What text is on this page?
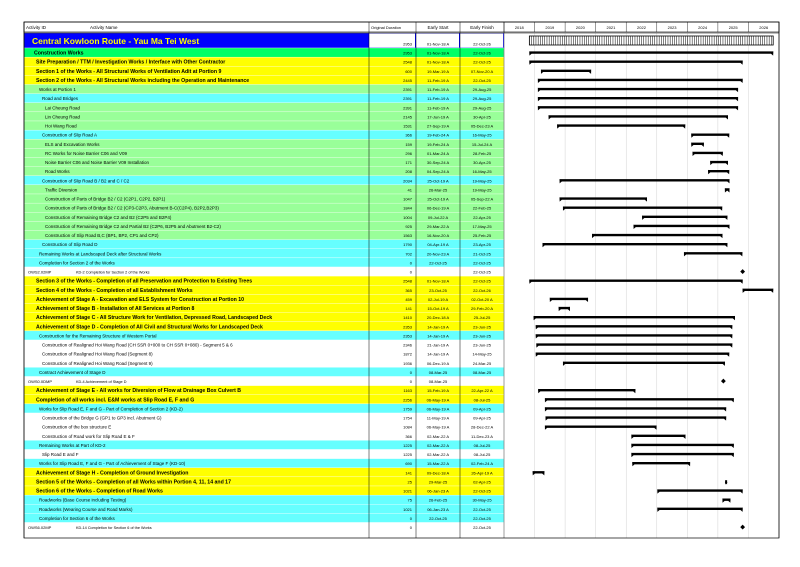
Activity ID	Activity Name	Original Duration	Early Start	Early Finish	2018	2019	2020	2021	2022	2023	2024	2025	2026
Central Kowloon Route - Yau Ma Tei West	2953	01-Nov-18 A	22-Oct-26
Construction Works	2953	01-Nov-18 A	22-Oct-26
Site Preparation / TTM / Investigation Works / Interface with Other Contractor	2548	01-Nov-18 A	22-Oct-25
Section 1 of the Works - All Structural Works of Ventilation Adit at Portion 9	600	19-Mar-19 A	07-Nov-20 A
Section 2 of the Works - All Structural Works including the Operation and Maintenance	2445	11-Feb-19 A	22-Oct-25
Works at Portion 1	2391	11-Feb-19 A	29-Aug-25
Road and Bridges	2391	11-Feb-19 A	29-Aug-25
Lai Cheung Road	2391	11-Feb-19 A	29-Aug-25
Lin Cheung Road	2145	17-Jun-19 A	30-Apr-25
Hoi Wang Road	1531	27-Sep-19 A	05-Dec-23 A
Construction of Slip Road A	366	19-Feb-24 A	16-May-25
ELS and Excavation Works	159	19-Feb-24 A	15-Jul-24 A
RC Works for Noise Barrier C06 and V09	296	01-Mar-24 A	28-Feb-25
Noise Barrier C06 and Noise Barrier V09 Installation	171	30-Sep-24 A	30-Apr-25
Road Works	208	04-Sep-24 A	16-May-25
Construction of Slip Road B / B2 and C / C2	2034	25-Oct-19 A	19-May-25
Traffic Diversion	41	26-Mar-25	19-May-25
Construction of Parts of Bridge B2 / C2 (C2P1, C2P2, B2P1)	1047	25-Oct-19 A	05-Sep-22 A
Construction of Parts of Bridge B2 / C2 (CP3-C2P3, Abutment B-C(C2P4), B2P2,B2P3)	1844	06-Dec-19 A	22-Feb-25
Construction of Remaining Bridge C2 and B2 (C2P5 and B2P4)	1004	09-Jul-22 A	22-Apr-25
Construction of Remaining Bridge C2 and Partial B2 (C2P6, B2P5 and Abutment B2-C2)	925	29-Mar-22 A	17-May-25
Construction of Slip Road B,C (BP1, BP2, CP1 and CP2)	1563	16-Nov-20 A	25-Feb-25
Construction of Slip Road D	1790	04-Apr-19 A	23-Apr-25
Remaining Works at Landscaped Deck after Structural Works	702	20-Nov-23 A	21-Oct-25
Completion for Section 2 of the Works	0	22-Oct-25	22-Oct-25
OWS2.02MP	KD-2 Completion for Section 2 of the Works	0	22-Oct-25
Section 3 of the Works - Completion of all Preservation and Protection to Existing Trees	2548	01-Nov-18 A	22-Oct-25
Section 4 of the Works - Completion of all Establishment Works	365	23-Oct-25	22-Oct-26
Achievement of Stage A - Excavation and ELS System for Construction at Portion 10	459	02-Jul-19 A	02-Oct-20 A
Achievement of Stage B - Installation of All Services at Portion 8	141	15-Oct-19 A	29-Feb-20 A
Achievement of Stage C - All Structure Work for Ventilation, Depressed Road, Landscaped Deck	1410	20-Dec-18 A	25-Jul-25
Achievement of Stage D - Completion of All Civil and Structural Works for Landscaped Deck	2353	14-Jan-19 A	23-Jun-25
Construction for the Remaining Structure of Western Portal	2353	14-Jan-19 A	23-Jun-25
Construction of Realigned Hoi Wang Road (CH SSR 0+000 to CH SSR 0+080) - Segment 5 & 6	2346	21-Jan-19 A	23-Jun-25
Construction of Realigned Hoi Wang Road (Segment 8)	1872	14-Jan-19 A	14-May-25
Construction of Realigned Hoi Wang Road (Segment 9)	1936	06-Dec-19 A	24-Mar-25
Contract Achievement of Stage D	0	08-Mar-25	08-Mar-25
OWS0.0DMP	KD-4 Achievement of Stage D	0	08-Mar-25
Achievement of Stage E - All works for Diversion of Flow at Drainage Box Culvert B	1163	15-Feb-19 A	22-Apr-22 A
Completion of all works incl. E&M works at Slip Road E, F and G	2256	06-May-19 A	08-Jul-25
Works for Slip Road E, F and G - Part of Completion of Section 2 (KD-2)	1759	06-May-19 A	09-Apr-25
Construction of the Bridge G (GP1 to GP3 incl. Abutment G)	1754	11-May-19 A	09-Apr-25
Construction of the box structure E	1084	06-May-19 A	28-Dec-22 A
Construction of Road work for Slip Road E & F	366	02-Mar-22 A	11-Dec-23 A
Remaining Works at Part of KD-2	1225	02-Mar-22 A	08-Jul-25
Slip Road E and F	1225	02-Mar-22 A	08-Jul-25
Works for Slip Road E, F and G - Part of Achievement of Stage F (KD-10)	690	15-Mar-22 A	02-Feb-24 A
Achievement of Stage H - Completion of Ground Investigation	141	09-Dec-18 A	26-Apr-19 A
Section 5 of the Works - Completion of all Works within Portion 4, 11, 14 and 17	25	29-Mar-25	02-Apr-25
Section 6 of the Works - Completion of Road Works	1021	06-Jan-23 A	22-Oct-25
Roadworks (Base Course including Testing)	75	26-Feb-25	30-May-25
Roadworks (Wearing Course and Road Marks)	1021	06-Jan-23 A	22-Oct-25
Completion for Section 6 of the Works	0	22-Oct-25	22-Oct-25
OWS6.02MP	KD-14 Completion for Section 6 of the Works	0	22-Oct-25
